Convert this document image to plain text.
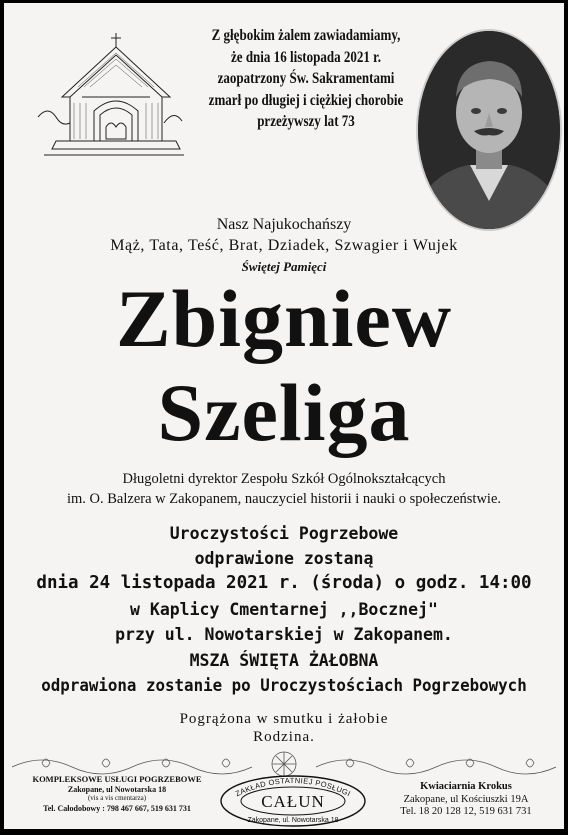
Z głębokim żalem zawiadamiamy,
że dnia 16 listopada 2021 r.
zaopatrzony Św. Sakramentami
zmarł po długiej i ciężkiej chorobie
przeżywszy lat 73
Nasz Najukochańszy
Mąż, Tata, Teść, Brat, Dziadek, Szwagier i Wujek
Świętej Pamięci
Zbigniew
Szeliga
Długoletni dyrektor Zespołu Szkół Ogólnokształcących
im. O. Balzera w Zakopanem, nauczyciel historii i nauki o społeczeństwie.
Uroczystości Pogrzebowe
odprawione zostaną
dnia 24 listopada 2021 r. (środa) o godz. 14:00
w Kaplicy Cmentarnej ,,Bocznej"
przy ul. Nowotarskiej w Zakopanem.
MSZA ŚWIĘTA ŻAŁOBNA
odprawiona zostanie po Uroczystościach Pogrzebowych
Pogrążona w smutku i żałobie
Rodzina.
KOMPLEKSOWE USŁUGI POGRZEBOWE
Zakopane, ul Nowotarska 18
(vis a vis cmentarza)
Tel. Całodobowy : 798 467 667, 519 631 731
ZAKŁAD OSTATNIEJ POSŁUGI
CAŁUN
Zakopane, ul. Nowotarska 18
Kwiaciarnia Krokus
Zakopane, ul Kościuszki 19A
Tel. 18 20 128 12, 519 631 731
